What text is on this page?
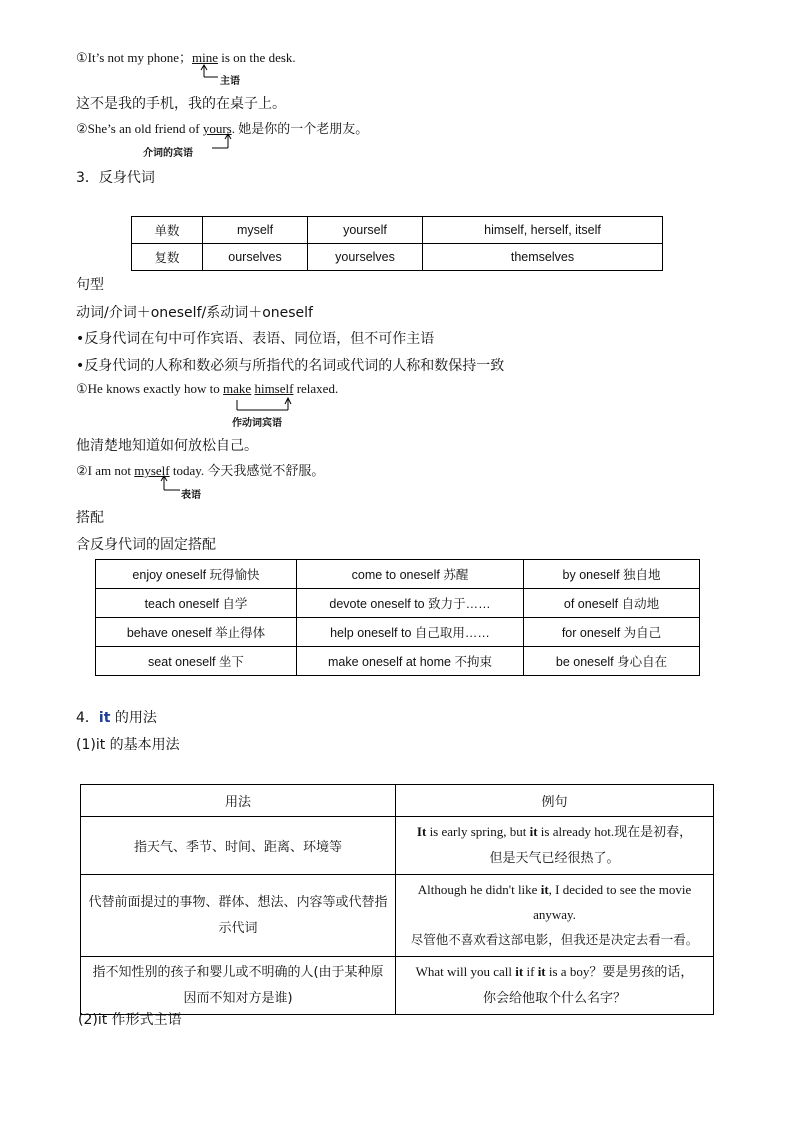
①It’s not my phone；mine is on the desk.
主语
这不是我的手机，我的在桌子上。
②She’s an old friend of yours. 她是你的一个老朋友。
介词的宾语
3．反身代词
单数	myself	yourself	himself, herself, itself
复数	ourselves	yourselves	themselves
句型
动词/介词＋oneself/系动词＋oneself
•反身代词在句中可作宾语、表语、同位语，但不可作主语
•反身代词的人称和数必须与所指代的名词或代词的人称和数保持一致
①He knows exactly how to make himself relaxed.
作动词宾语
他清楚地知道如何放松自己。
②I am not myself today. 今天我感觉不舒服。
表语
搭配
含反身代词的固定搭配
enjoy oneself 玩得愉快	come to oneself 苏醒	by oneself 独自地
teach oneself 自学	devote oneself to 致力于……	of oneself 自动地
behave oneself 举止得体	help oneself to 自己取用……	for oneself 为自己
seat oneself 坐下	make oneself at home 不拘束	be oneself 身心自在
4．it 的用法
(1)it 的基本用法
用法	例句
指天气、季节、时间、距离、环境等	It is early spring, but it is already hot.现在是初春，
但是天气已经很热了。
代替前面提过的事物、群体、想法、内容等或代替指示代词	Although he didn't like it, I decided to see the movie anyway.
尽管他不喜欢看这部电影，但我还是决定去看一看。
指不知性别的孩子和婴儿或不明确的人(由于某种原因而不知对方是谁)	What will you call it if it is a boy？要是男孩的话，
你会给他取个什么名字？
(2)it 作形式主语
